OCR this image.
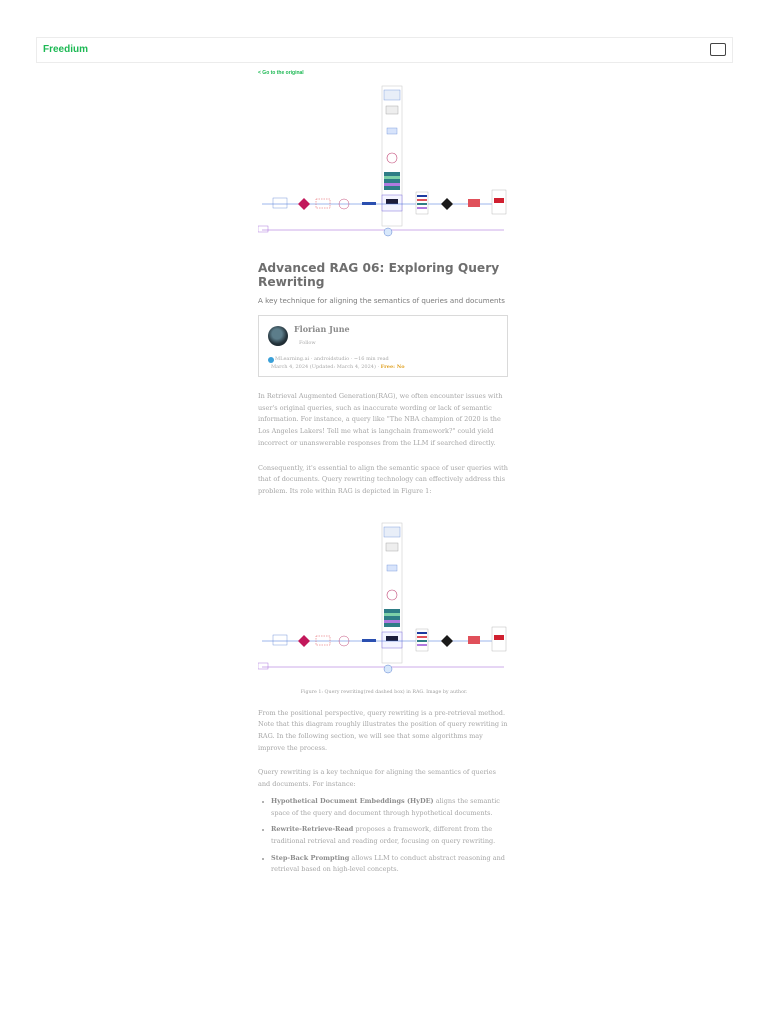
Freedium
< Go to the original
Advanced RAG 06: Exploring Query Rewriting
A key technique for aligning the semantics of queries and documents
Florian June
Follow
MLearning.ai · androidstudio · ~16 min read
March 4, 2024 (Updated: March 4, 2024) · Free: No

In Retrieval Augmented Generation(RAG), we often encounter issues with user's original queries, such as inaccurate wording or lack of semantic information. For instance, a query like "The NBA champion of 2020 is the Los Angeles Lakers! Tell me what is langchain framework?" could yield incorrect or unanswerable responses from the LLM if searched directly.

Consequently, it's essential to align the semantic space of user queries with that of documents. Query rewriting technology can effectively address this problem. Its role within RAG is depicted in Figure 1:

Figure 1: Query rewriting(red dashed box) in RAG. Image by author.

From the positional perspective, query rewriting is a pre-retrieval method. Note that this diagram roughly illustrates the position of query rewriting in RAG. In the following section, we will see that some algorithms may improve the process.

Query rewriting is a key technique for aligning the semantics of queries and documents. For instance:

Hypothetical Document Embeddings (HyDE) aligns the semantic space of the query and document through hypothetical documents.
Rewrite-Retrieve-Read proposes a framework, different from the traditional retrieval and reading order, focusing on query rewriting.
Step-Back Prompting allows LLM to conduct abstract reasoning and retrieval based on high-level concepts.
